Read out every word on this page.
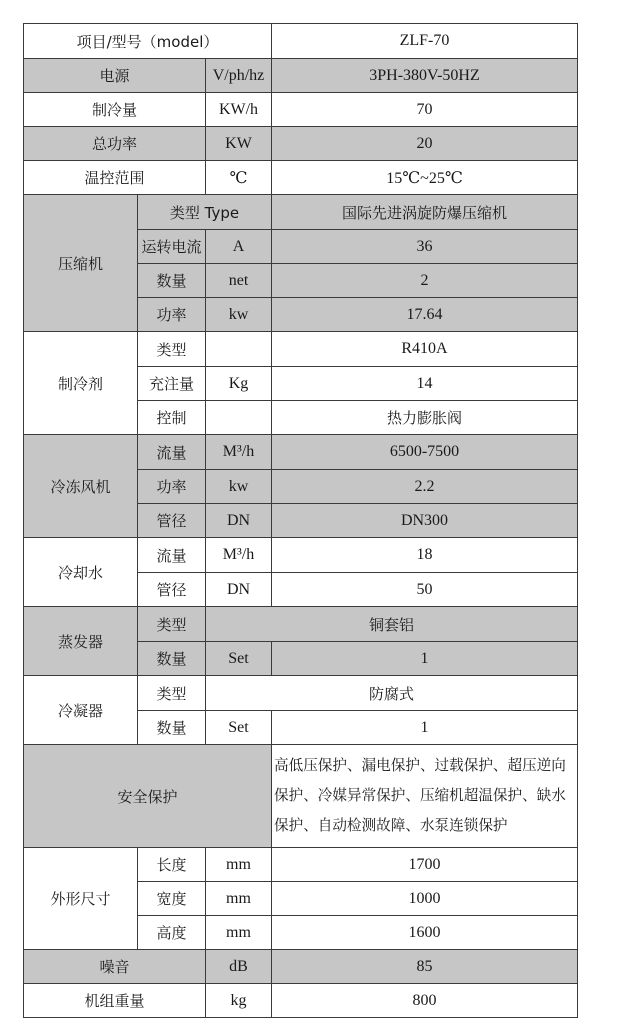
项目/型号（model）			ZLF-70
电源		V/ph/hz	3PH-380V-50HZ
制冷量		KW/h	70
总功率		KW	20
温控范围		℃	15℃~25℃
压缩机	类型 Type		国际先进涡旋防爆压缩机
	运转电流	A	36
	数量	net	2
	功率	kw	17.64
制冷剂	类型		R410A
	充注量	Kg	14
	控制		热力膨胀阀
冷冻风机	流量	M³/h	6500-7500
	功率	kw	2.2
	管径	DN	DN300
冷却水	流量	M³/h	18
	管径	DN	50
蒸发器	类型	铜套铝	
	数量	Set	1
冷凝器	类型	防腐式	
	数量	Set	1
安全保护			高低压保护、漏电保护、过载保护、超压逆向保护、冷媒异常保护、压缩机超温保护、缺水保护、自动检测故障、水泵连锁保护
外形尺寸	长度	mm	1700
	宽度	mm	1000
	高度	mm	1600
噪音		dB	85
机组重量		kg	800
